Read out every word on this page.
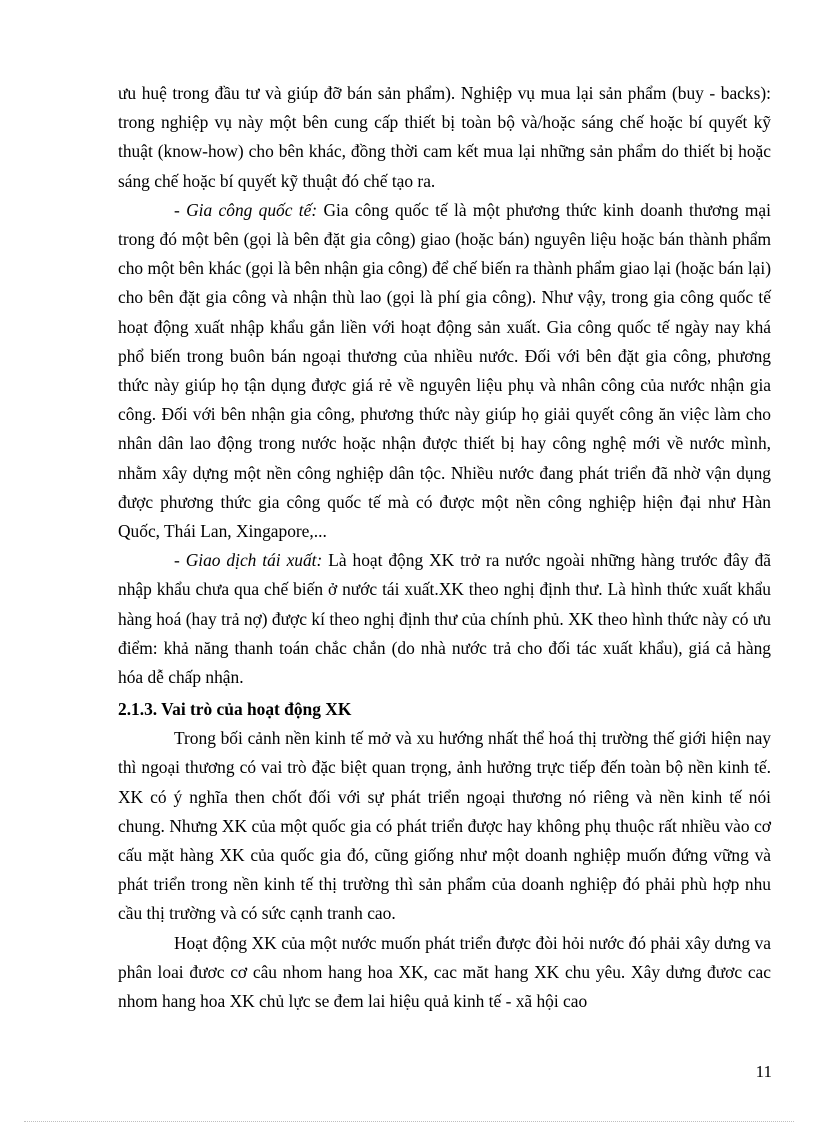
ưu huệ trong đầu tư và giúp đỡ bán sản phẩm). Nghiệp vụ mua lại sản phẩm (buy - backs): trong nghiệp vụ này một bên cung cấp thiết bị toàn bộ và/hoặc sáng chế hoặc bí quyết kỹ thuật (know-how) cho bên khác, đồng thời cam kết mua lại những sản phẩm do thiết bị hoặc sáng chế hoặc bí quyết kỹ thuật đó chế tạo ra.

- Gia công quốc tế: Gia công quốc tế là một phương thức kinh doanh thương mại trong đó một bên (gọi là bên đặt gia công) giao (hoặc bán) nguyên liệu hoặc bán thành phẩm cho một bên khác (gọi là bên nhận gia công) để chế biến ra thành phẩm giao lại (hoặc bán lại) cho bên đặt gia công và nhận thù lao (gọi là phí gia công). Như vậy, trong gia công quốc tế hoạt động xuất nhập khẩu gắn liền với hoạt động sản xuất. Gia công quốc tế ngày nay khá phổ biến trong buôn bán ngoại thương của nhiều nước. Đối với bên đặt gia công, phương thức này giúp họ tận dụng được giá rẻ về nguyên liệu phụ và nhân công của nước nhận gia công. Đối với bên nhận gia công, phương thức này giúp họ giải quyết công ăn việc làm cho nhân dân lao động trong nước hoặc nhận được thiết bị hay công nghệ mới về nước mình, nhằm xây dựng một nền công nghiệp dân tộc. Nhiều nước đang phát triển đã nhờ vận dụng được phương thức gia công quốc tế mà có được một nền công nghiệp hiện đại như Hàn Quốc, Thái Lan, Xingapore,...

- Giao dịch tái xuất: Là hoạt động XK trở ra nước ngoài những hàng trước đây đã nhập khẩu chưa qua chế biến ở nước tái xuất.XK theo nghị định thư. Là hình thức xuất khẩu hàng hoá (hay trả nợ) được kí theo nghị định thư của chính phủ. XK theo hình thức này có ưu điểm: khả năng thanh toán chắc chắn (do nhà nước trả cho đối tác xuất khẩu), giá cả hàng hóa dễ chấp nhận.

2.1.3. Vai trò của hoạt động XK

Trong bối cảnh nền kinh tế mở và xu hướng nhất thể hoá thị trường thế giới hiện nay thì ngoại thương có vai trò đặc biệt quan trọng, ảnh hưởng trực tiếp đến toàn bộ nền kinh tế. XK có ý nghĩa then chốt đối với sự phát triển ngoại thương nó riêng và nền kinh tế nói chung. Nhưng XK của một quốc gia có phát triển được hay không phụ thuộc rất nhiều vào cơ cấu mặt hàng XK của quốc gia đó, cũng giống như một doanh nghiệp muốn đứng vững và phát triển trong nền kinh tế thị trường thì sản phẩm của doanh nghiệp đó phải phù hợp nhu cầu thị trường và có sức cạnh tranh cao.

Hoạt động XK của một nước muốn phát triển được đòi hỏi nước đó phải xây dưng va phân loai đươc cơ câu nhom hang hoa XK, cac măt hang XK chu yêu. Xây dưng đươc cac nhom hang hoa XK chủ lực se đem lai hiệu quả kinh tế - xã hội cao

11
